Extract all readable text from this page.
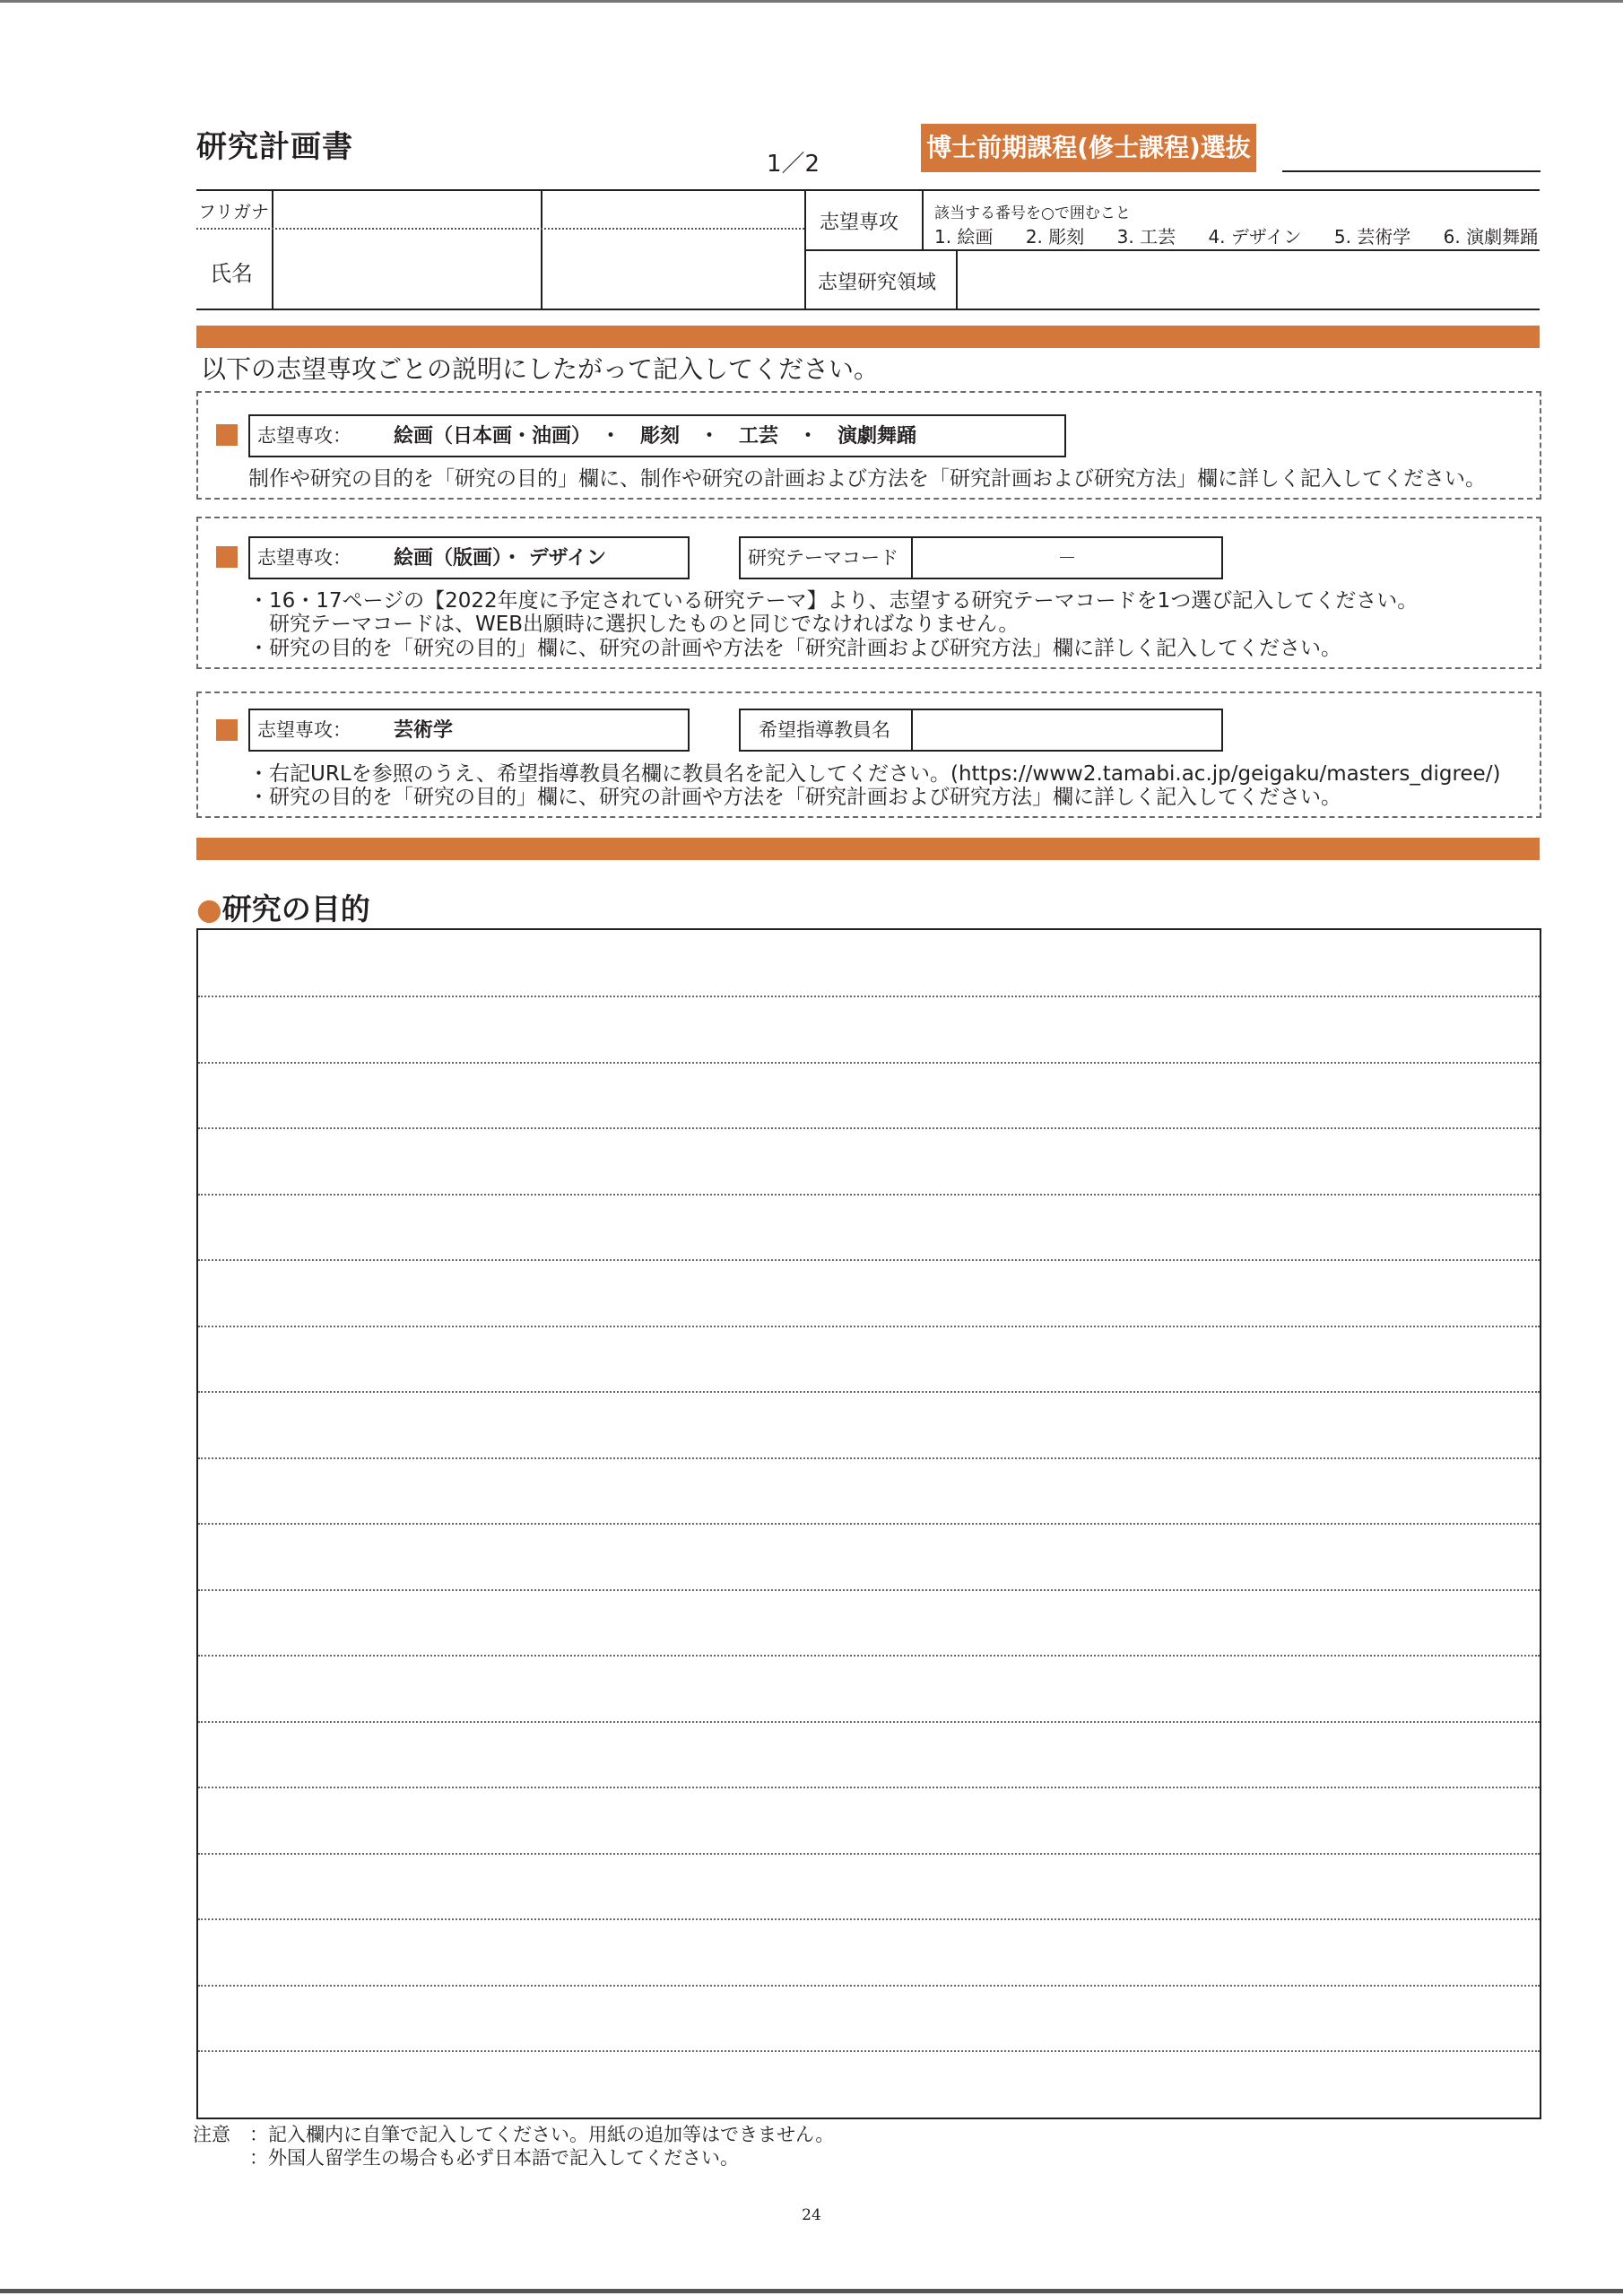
研究計画書	1／2
博士前期課程(修士課程)選抜
フリガナ
氏名
志望専攻 該当する番号を○で囲むこと
1. 絵画 2. 彫刻 3. 工芸 4. デザイン 5. 芸術学 6. 演劇舞踊
志望研究領域
以下の志望専攻ごとの説明にしたがって記入してください。
志望専攻： 絵画（日本画・油画）　・　彫刻　・　工芸　・　演劇舞踊
制作や研究の目的を「研究の目的」欄に、制作や研究の計画および方法を「研究計画および研究方法」欄に詳しく記入してください。
志望専攻： 絵画（版画）・ デザイン	研究テーマコード	－
・16・17ページの【2022年度に予定されている研究テーマ】より、志望する研究テーマコードを1つ選び記入してください。
　研究テーマコードは、WEB出願時に選択したものと同じでなければなりません。
・研究の目的を「研究の目的」欄に、研究の計画や方法を「研究計画および研究方法」欄に詳しく記入してください。
志望専攻： 芸術学	希望指導教員名
・右記URLを参照のうえ、希望指導教員名欄に教員名を記入してください。(https://www2.tamabi.ac.jp/geigaku/masters_digree/)
・研究の目的を「研究の目的」欄に、研究の計画や方法を「研究計画および研究方法」欄に詳しく記入してください。
●研究の目的
注意　：記入欄内に自筆で記入してください。用紙の追加等はできません。
　　　：外国人留学生の場合も必ず日本語で記入してください。
24
